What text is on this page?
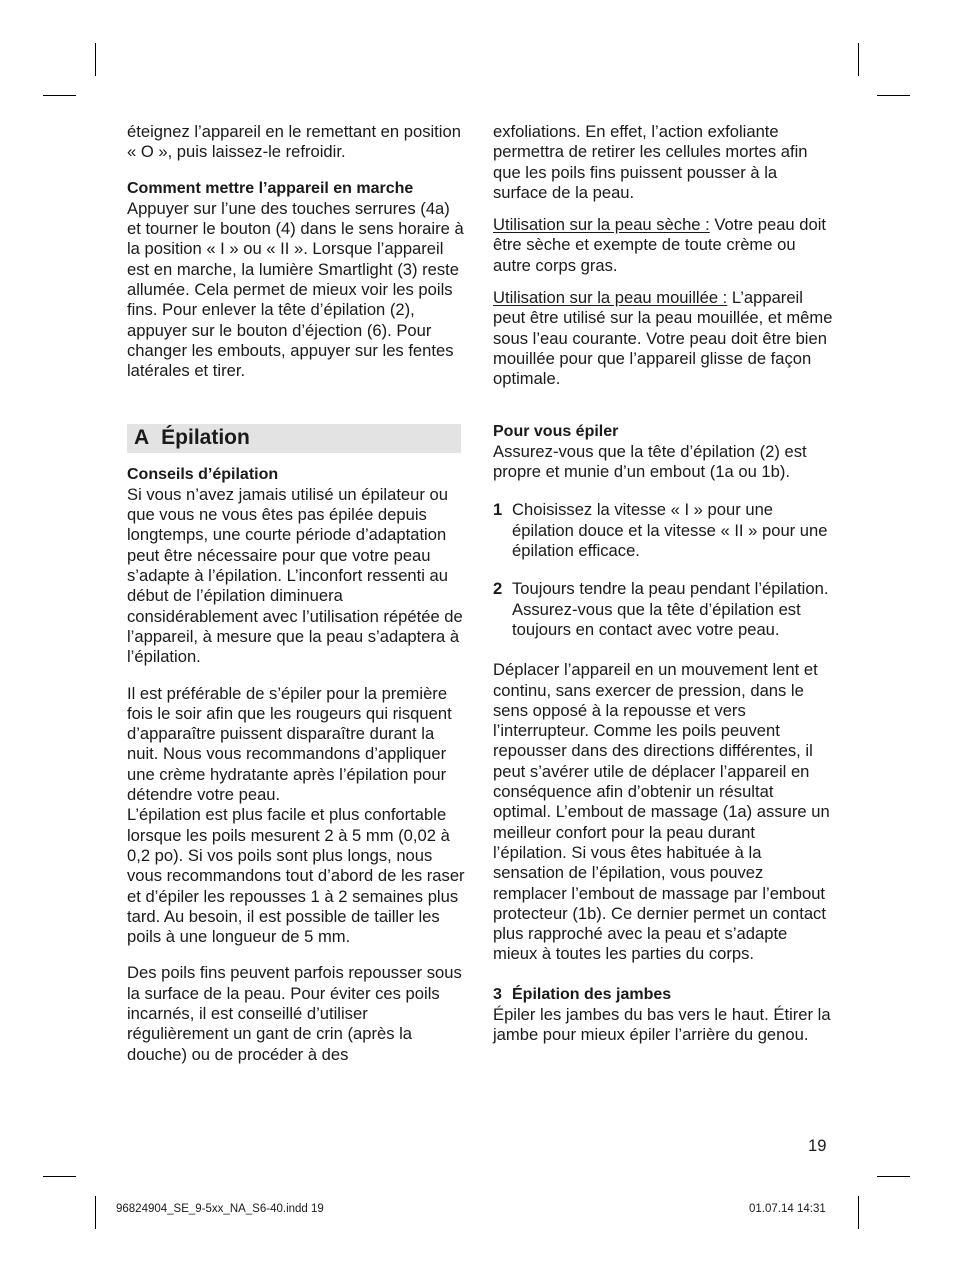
éteignez l’appareil en le remettant en position « O », puis laissez-le refroidir.

Comment mettre l’appareil en marche

Appuyer sur l’une des touches serrures (4a) et tourner le bouton (4) dans le sens horaire à la position « I » ou « II ». Lorsque l’appareil est en marche, la lumière Smartlight (3) reste allumée. Cela permet de mieux voir les poils fins. Pour enlever la tête d’épilation (2), appuyer sur le bouton d’éjection (6). Pour changer les embouts, appuyer sur les fentes latérales et tirer.

A Épilation

Conseils d’épilation

Si vous n’avez jamais utilisé un épilateur ou que vous ne vous êtes pas épilée depuis longtemps, une courte période d’adaptation peut être nécessaire pour que votre peau s’adapte à l’épilation. L’inconfort ressenti au début de l’épilation diminuera considérablement avec l’utilisation répétée de l’appareil, à mesure que la peau s’adaptera à l’épilation.

Il est préférable de s’épiler pour la première fois le soir afin que les rougeurs qui risquent d’apparaître puissent disparaître durant la nuit. Nous vous recommandons d’appliquer une crème hydratante après l’épilation pour détendre votre peau.

L’épilation est plus facile et plus confortable lorsque les poils mesurent 2 à 5 mm (0,02 à 0,2 po). Si vos poils sont plus longs, nous vous recommandons tout d’abord de les raser et d’épiler les repousses 1 à 2 semaines plus tard. Au besoin, il est possible de tailler les poils à une longueur de 5 mm.

Des poils fins peuvent parfois repousser sous la surface de la peau. Pour éviter ces poils incarnés, il est conseillé d’utiliser régulièrement un gant de crin (après la douche) ou de procéder à des

exfoliations. En effet, l’action exfoliante permettra de retirer les cellules mortes afin que les poils fins puissent pousser à la surface de la peau.

Utilisation sur la peau sèche : Votre peau doit être sèche et exempte de toute crème ou autre corps gras.

Utilisation sur la peau mouillée : L’appareil peut être utilisé sur la peau mouillée, et même sous l’eau courante. Votre peau doit être bien mouillée pour que l’appareil glisse de façon optimale.

Pour vous épiler

Assurez-vous que la tête d’épilation (2) est propre et munie d’un embout (1a ou 1b).

1 Choisissez la vitesse « I » pour une épilation douce et la vitesse « II » pour une épilation efficace.
2 Toujours tendre la peau pendant l’épilation. Assurez-vous que la tête d’épilation est toujours en contact avec votre peau.

Déplacer l’appareil en un mouvement lent et continu, sans exercer de pression, dans le sens opposé à la repousse et vers l’interrupteur. Comme les poils peuvent repousser dans des directions différentes, il peut s’avérer utile de déplacer l’appareil en conséquence afin d’obtenir un résultat optimal. L’embout de massage (1a) assure un meilleur confort pour la peau durant l’épilation. Si vous êtes habituée à la sensation de l’épilation, vous pouvez remplacer l’embout de massage par l’embout protecteur (1b). Ce dernier permet un contact plus rapproché avec la peau et s’adapte mieux à toutes les parties du corps.

3 Épilation des jambes

Épiler les jambes du bas vers le haut. Étirer la jambe pour mieux épiler l’arrière du genou.

19
96824904_SE_9-5xx_NA_S6-40.indd 19	01.07.14 14:31
